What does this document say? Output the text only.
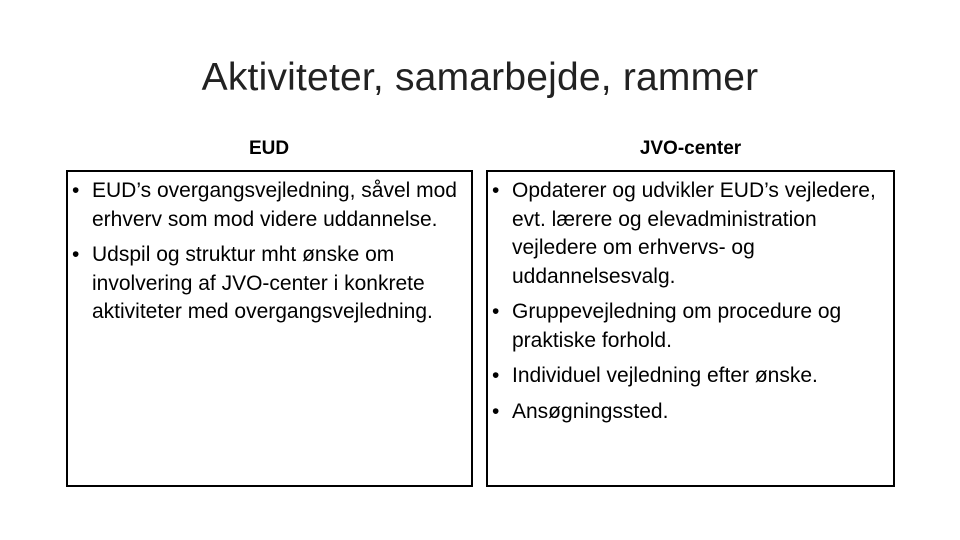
Aktiviteter, samarbejde, rammer
EUD	JVO-center
• EUD’s overgangsvejledning, såvel mod erhverv som mod videre uddannelse.
• Udspil og struktur mht ønske om involvering af JVO-center i konkrete aktiviteter med overgangsvejledning.
• Opdaterer og udvikler EUD’s vejledere, evt. lærere og elevadministration vejledere om erhvervs- og uddannelsesvalg.
• Gruppevejledning om procedure og praktiske forhold.
• Individuel vejledning efter ønske.
• Ansøgningssted.
